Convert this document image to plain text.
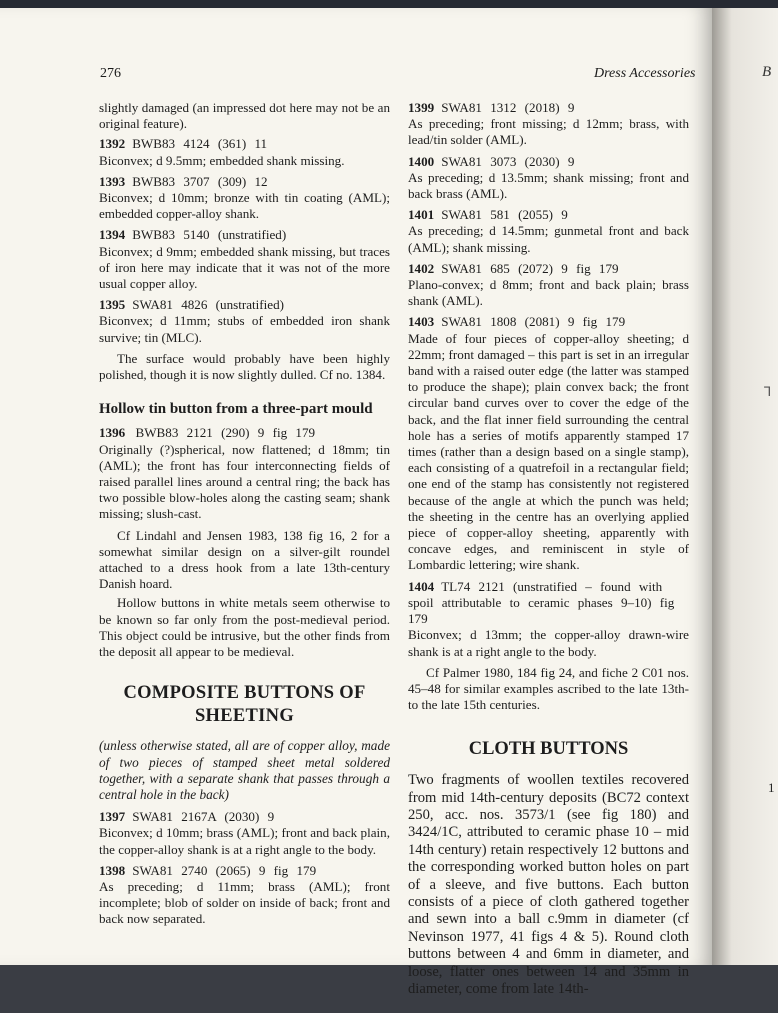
B
Ꞁ
1
276	Dress Accessories

slightly damaged (an impressed dot here may not be an original feature).

1392 BWB83 4124 (361) 11
Biconvex; d 9.5mm; embedded shank missing.
1393 BWB83 3707 (309) 12
Biconvex; d 10mm; bronze with tin coating (AML); embedded copper-alloy shank.
1394 BWB83 5140 (unstratified)
Biconvex; d 9mm; embedded shank missing, but traces of iron here may indicate that it was not of the more usual copper alloy.
1395 SWA81 4826 (unstratified)
Biconvex; d 11mm; stubs of embedded iron shank survive; tin (MLC).

The surface would probably have been highly polished, though it is now slightly dulled. Cf no. 1384.

Hollow tin button from a three-part mould
1396 BWB83 2121 (290) 9 fig 179
Originally (?)spherical, now flattened; d 18mm; tin (AML); the front has four interconnecting fields of raised parallel lines around a central ring; the back has two possible blow-holes along the casting seam; shank missing; slush-cast.

Cf Lindahl and Jensen 1983, 138 fig 16, 2 for a somewhat similar design on a silver-gilt roundel attached to a dress hook from a late 13th-century Danish hoard.

Hollow buttons in white metals seem otherwise to be known so far only from the post-medieval period. This object could be intrusive, but the other finds from the deposit all appear to be medieval.

COMPOSITE BUTTONS OF SHEETING

(unless otherwise stated, all are of copper alloy, made of two pieces of stamped sheet metal soldered together, with a separate shank that passes through a central hole in the back)

1397 SWA81 2167A (2030) 9
Biconvex; d 10mm; brass (AML); front and back plain, the copper-alloy shank is at a right angle to the body.
1398 SWA81 2740 (2065) 9 fig 179
As preceding; d 11mm; brass (AML); front incomplete; blob of solder on inside of back; front and back now separated.
1399 SWA81 1312 (2018) 9
As preceding; front missing; d 12mm; brass, with lead/tin solder (AML).
1400 SWA81 3073 (2030) 9
As preceding; d 13.5mm; shank missing; front and back brass (AML).
1401 SWA81 581 (2055) 9
As preceding; d 14.5mm; gunmetal front and back (AML); shank missing.
1402 SWA81 685 (2072) 9 fig 179
Plano-convex; d 8mm; front and back plain; brass shank (AML).
1403 SWA81 1808 (2081) 9 fig 179
Made of four pieces of copper-alloy sheeting; d 22mm; front damaged – this part is set in an irregular band with a raised outer edge (the latter was stamped to produce the shape); plain convex back; the front circular band curves over to cover the edge of the back, and the flat inner field surrounding the central hole has a series of motifs apparently stamped 17 times (rather than a design based on a single stamp), each consisting of a quatrefoil in a rectangular field; one end of the stamp has consistently not registered because of the angle at which the punch was held; the sheeting in the centre has an overlying applied piece of copper-alloy sheeting, apparently with concave edges, and reminiscent in style of Lombardic lettering; wire shank.
1404 TL74 2121 (unstratified – found with spoil attributable to ceramic phases 9–10) fig 179
Biconvex; d 13mm; the copper-alloy drawn-wire shank is at a right angle to the body.

Cf Palmer 1980, 184 fig 24, and fiche 2 C01 nos. 45–48 for similar examples ascribed to the late 13th- to the late 15th centuries.

CLOTH BUTTONS

Two fragments of woollen textiles recovered from mid 14th-century deposits (BC72 context 250, acc. nos. 3573/1 (see fig 180) and 3424/1C, attributed to ceramic phase 10 – mid 14th century) retain respectively 12 buttons and the corresponding worked button holes on part of a sleeve, and five buttons. Each button consists of a piece of cloth gathered together and sewn into a ball c.9mm in diameter (cf Nevinson 1977, 41 figs 4 & 5). Round cloth buttons between 4 and 6mm in diameter, and loose, flatter ones between 14 and 35mm in diameter, come from late 14th-
